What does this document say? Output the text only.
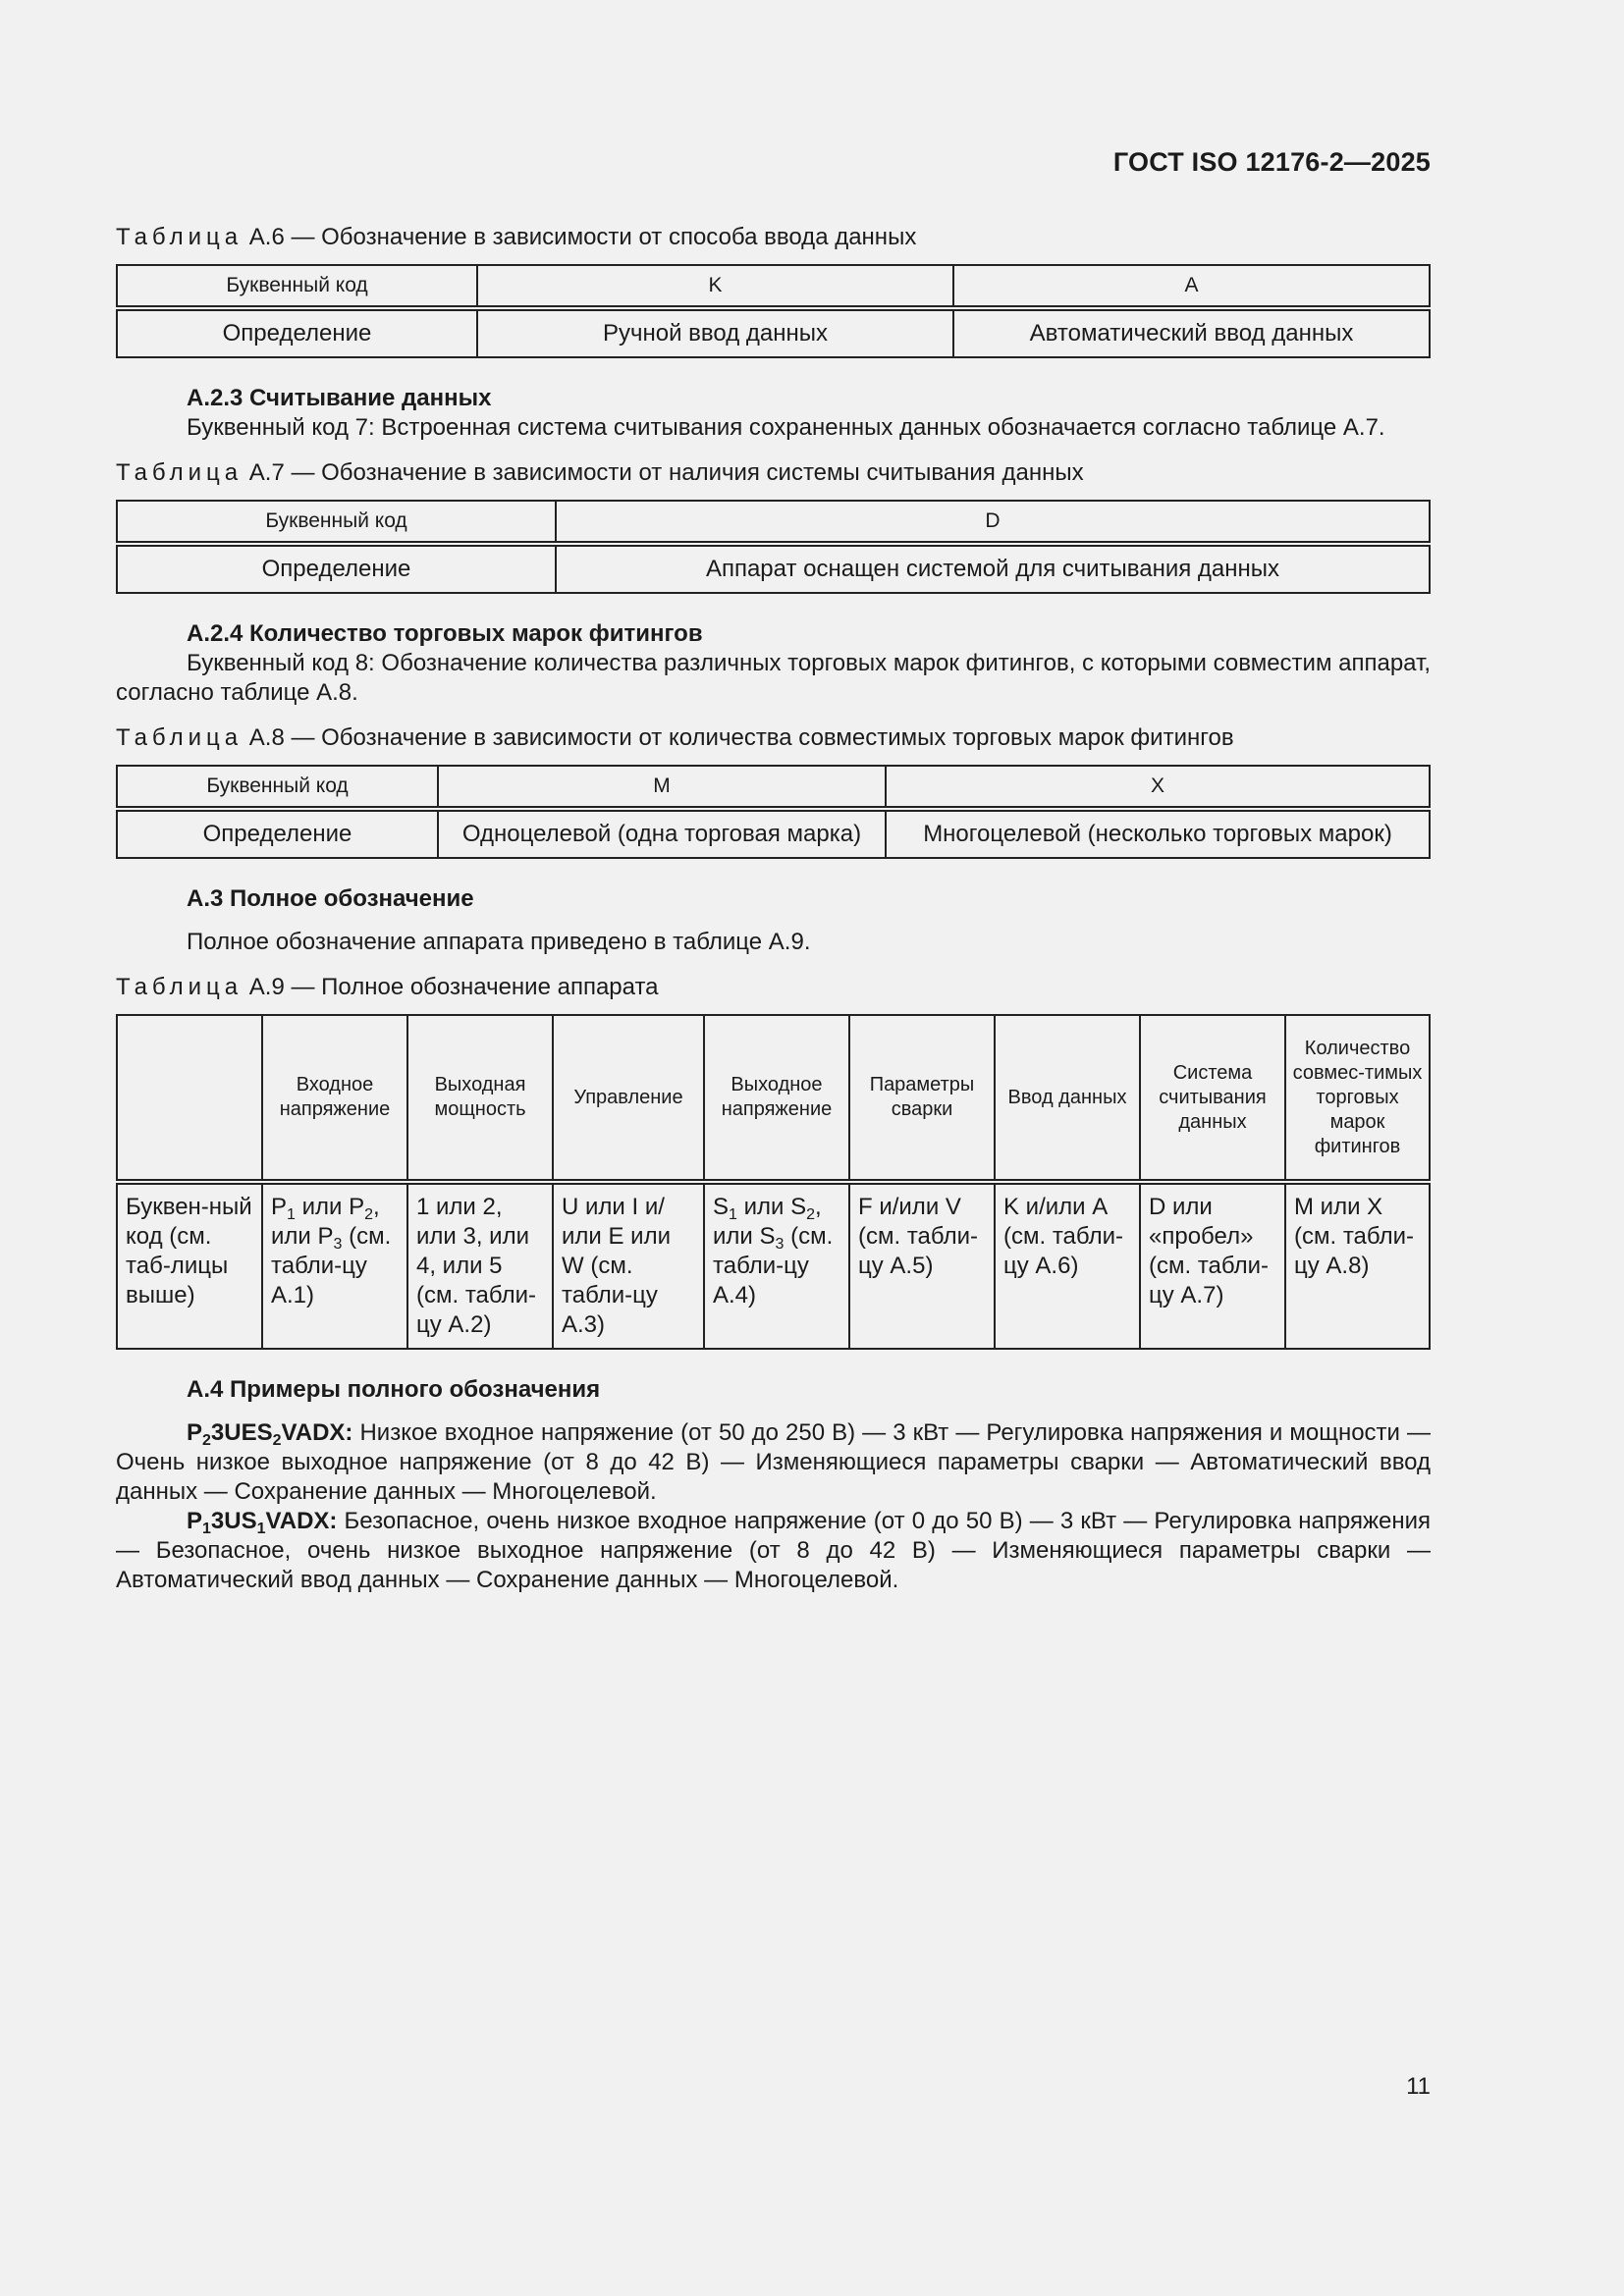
ГОСТ ISO 12176-2—2025
Таблица А.6 — Обозначение в зависимости от способа ввода данных
Буквенный код	K	A
Определение	Ручной ввод данных	Автоматический ввод данных
А.2.3 Считывание данных
Буквенный код 7: Встроенная система считывания сохраненных данных обозначается согласно таблице А.7.
Таблица А.7 — Обозначение в зависимости от наличия системы считывания данных
Буквенный код	D
Определение	Аппарат оснащен системой для считывания данных
А.2.4 Количество торговых марок фитингов
Буквенный код 8: Обозначение количества различных торговых марок фитингов, с которыми совместим аппарат, согласно таблице А.8.
Таблица А.8 — Обозначение в зависимости от количества совместимых торговых марок фитингов
Буквенный код	M	X
Определение	Одноцелевой (одна торговая марка)	Многоцелевой (несколько торговых марок)
А.3 Полное обозначение
Полное обозначение аппарата приведено в таблице А.9.
Таблица А.9 — Полное обозначение аппарата
	Входное напряжение	Выходная мощность	Управление	Выходное напряжение	Параметры сварки	Ввод данных	Система считывания данных	Количество совмес-тимых торговых марок фитингов
Буквен-ный код (см. таб-лицы выше)	$P_1$ или $P_2$, или $P_3$ (см. табли-цу А.1)	1 или 2, или 3, или 4, или 5 (см. табли-цу А.2)	U или I и/или E или W (см. табли-цу А.3)	$S_1$ или $S_2$, или $S_3$ (см. табли-цу А.4)	F и/или V (см. табли-цу А.5)	K и/или A (см. табли-цу А.6)	D или «пробел» (см. табли-цу А.7)	M или X (см. табли-цу А.8)
А.4 Примеры полного обозначения
$P_23UES_2VADX$: Низкое входное напряжение (от 50 до 250 В) — 3 кВт — Регулировка напряжения и мощности — Очень низкое выходное напряжение (от 8 до 42 В) — Изменяющиеся параметры сварки — Автоматический ввод данных — Сохранение данных — Многоцелевой.
$P_13US_1VADX$: Безопасное, очень низкое входное напряжение (от 0 до 50 В) — 3 кВт — Регулировка напряжения — Безопасное, очень низкое выходное напряжение (от 8 до 42 В) — Изменяющиеся параметры сварки — Автоматический ввод данных — Сохранение данных — Многоцелевой.
11
